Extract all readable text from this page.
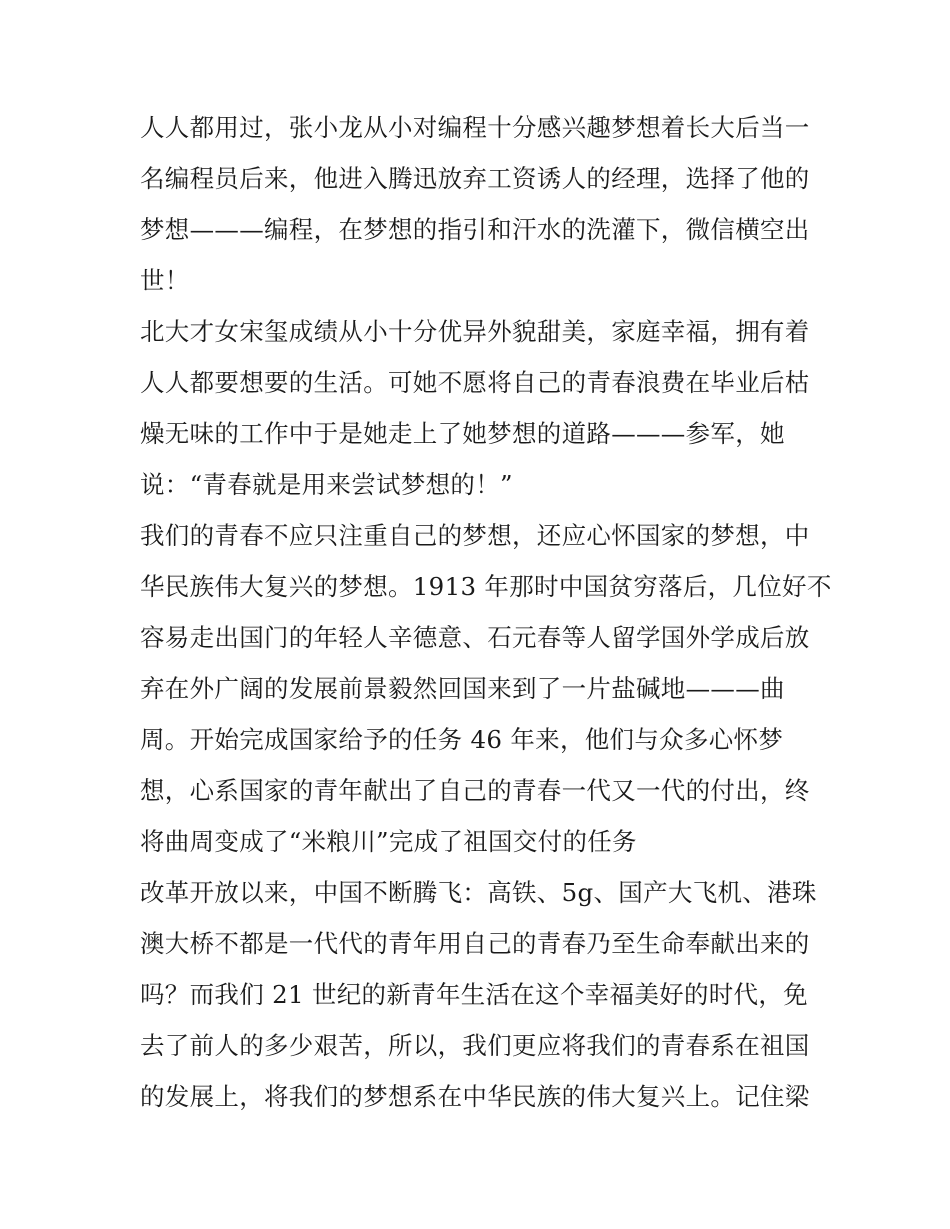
人人都用过，张小龙从小对编程十分感兴趣梦想着长大后当一
名编程员后来，他进入腾迅放弃工资诱人的经理，选择了他的
梦想———编程，在梦想的指引和汗水的洗灌下，微信横空出
世！
北大才女宋玺成绩从小十分优异外貌甜美，家庭幸福，拥有着
人人都要想要的生活。可她不愿将自己的青春浪费在毕业后枯
燥无味的工作中于是她走上了她梦想的道路———参军，她
说：“青春就是用来尝试梦想的！”
我们的青春不应只注重自己的梦想，还应心怀国家的梦想，中
华民族伟大复兴的梦想。1913 年那时中国贫穷落后，几位好不
容易走出国门的年轻人辛德意、石元春等人留学国外学成后放
弃在外广阔的发展前景毅然回国来到了一片盐碱地———曲
周。开始完成国家给予的任务 46 年来，他们与众多心怀梦
想，心系国家的青年献出了自己的青春一代又一代的付出，终
将曲周变成了“米粮川”完成了祖国交付的任务
改革开放以来，中国不断腾飞：高铁、5g、国产大飞机、港珠
澳大桥不都是一代代的青年用自己的青春乃至生命奉献出来的
吗？而我们 21 世纪的新青年生活在这个幸福美好的时代，免
去了前人的多少艰苦，所以，我们更应将我们的青春系在祖国
的发展上，将我们的梦想系在中华民族的伟大复兴上。记住梁
